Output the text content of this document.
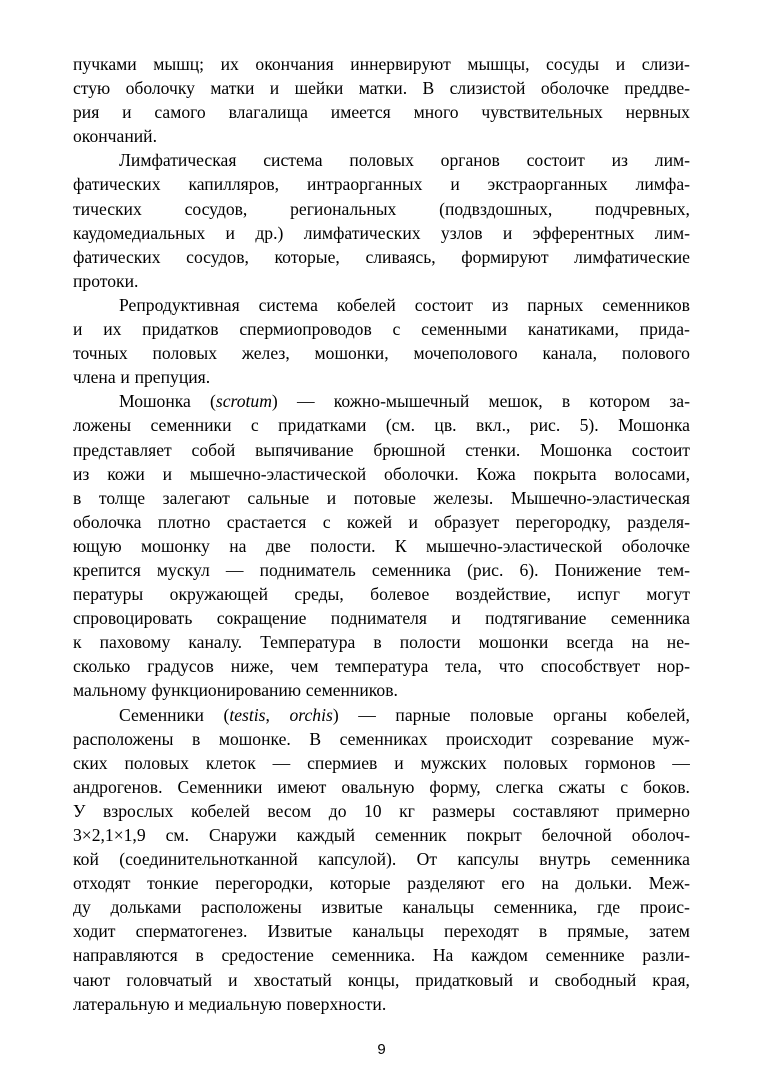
пучками мышц; их окончания иннервируют мышцы, сосуды и слизи-
стую оболочку матки и шейки матки. В слизистой оболочке преддве-
рия и самого влагалища имеется много чувствительных нервных
окончаний.
Лимфатическая система половых органов состоит из лим-
фатических капилляров, интраорганных и экстраорганных лимфа-
тических сосудов, региональных (подвздошных, подчревных,
каудомедиальных и др.) лимфатических узлов и эфферентных лим-
фатических сосудов, которые, сливаясь, формируют лимфатические
протоки.
Репродуктивная система кобелей состоит из парных семенников
и их придатков спермиопроводов с семенными канатиками, прида-
точных половых желез, мошонки, мочеполового канала, полового
члена и препуция.
Мошонка (scrotum) — кожно-мышечный мешок, в котором за-
ложены семенники с придатками (см. цв. вкл., рис. 5). Мошонка
представляет собой выпячивание брюшной стенки. Мошонка состоит
из кожи и мышечно-эластической оболочки. Кожа покрыта волосами,
в толще залегают сальные и потовые железы. Мышечно-эластическая
оболочка плотно срастается с кожей и образует перегородку, разделя-
ющую мошонку на две полости. К мышечно-эластической оболочке
крепится мускул — подниматель семенника (рис. 6). Понижение тем-
пературы окружающей среды, болевое воздействие, испуг могут
спровоцировать сокращение поднимателя и подтягивание семенника
к паховому каналу. Температура в полости мошонки всегда на не-
сколько градусов ниже, чем температура тела, что способствует нор-
мальному функционированию семенников.
Семенники (testis, orchis) — парные половые органы кобелей,
расположены в мошонке. В семенниках происходит созревание муж-
ских половых клеток — спермиев и мужских половых гормонов —
андрогенов. Семенники имеют овальную форму, слегка сжаты с боков.
У взрослых кобелей весом до 10 кг размеры составляют примерно
3×2,1×1,9 см. Снаружи каждый семенник покрыт белочной оболоч-
кой (соединительнотканной капсулой). От капсулы внутрь семенника
отходят тонкие перегородки, которые разделяют его на дольки. Меж-
ду дольками расположены извитые канальцы семенника, где проис-
ходит сперматогенез. Извитые канальцы переходят в прямые, затем
направляются в средостение семенника. На каждом семеннике разли-
чают головчатый и хвостатый концы, придатковый и свободный края,
латеральную и медиальную поверхности.
9
